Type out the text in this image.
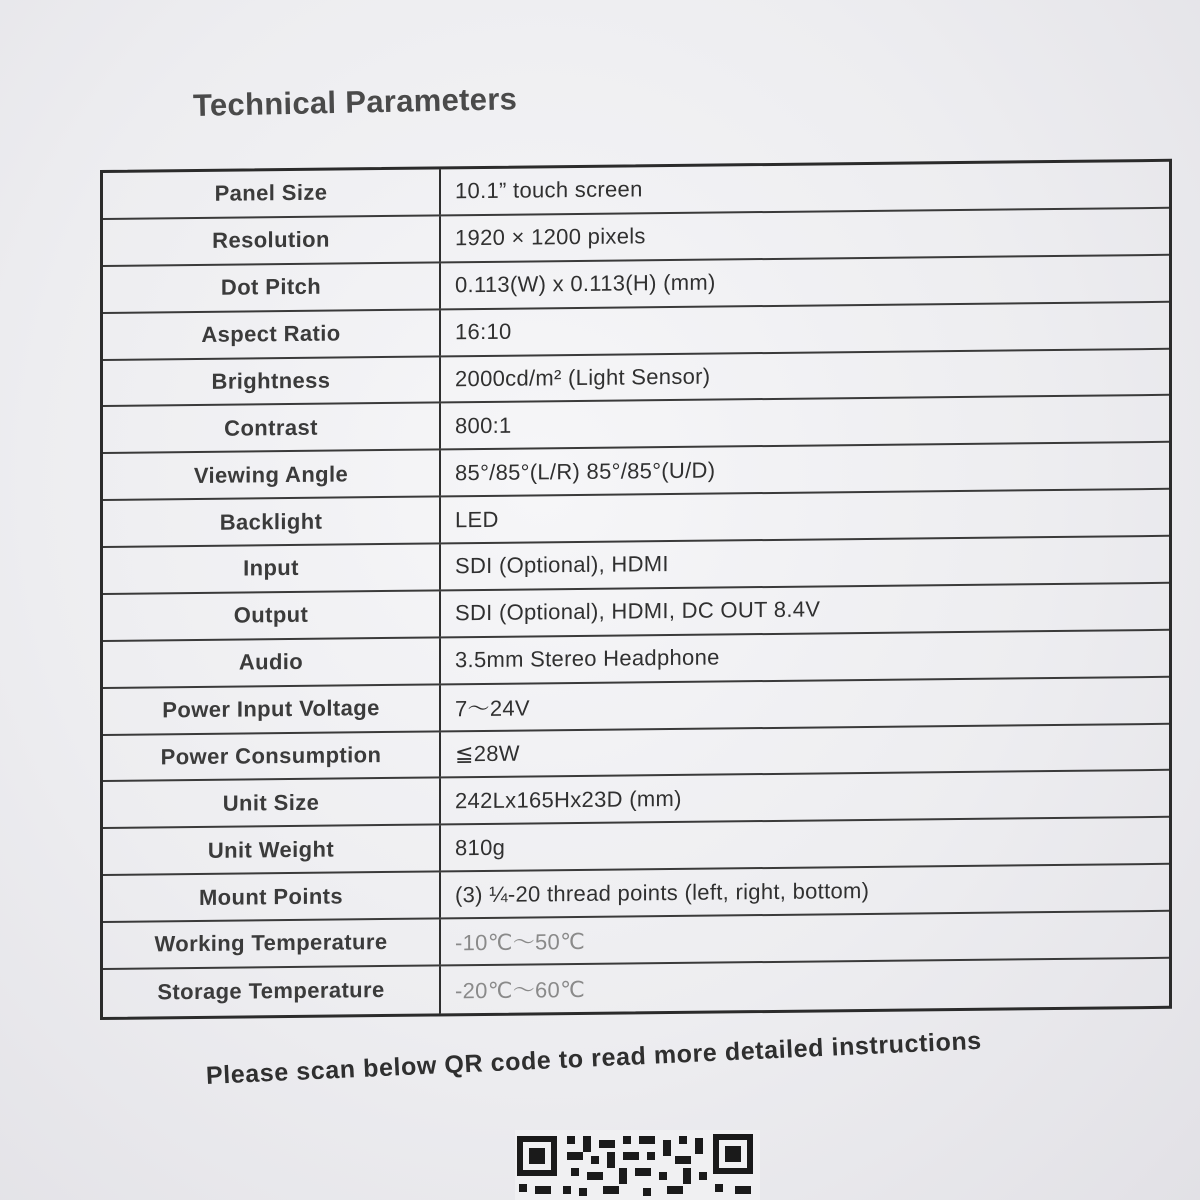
Technical Parameters
Panel Size	10.1” touch screen
Resolution	1920 × 1200 pixels
Dot Pitch	0.113(W) x 0.113(H) (mm)
Aspect Ratio	16:10
Brightness	2000cd/m² (Light Sensor)
Contrast	800:1
Viewing Angle	85°/85°(L/R) 85°/85°(U/D)
Backlight	LED
Input	SDI (Optional), HDMI
Output	SDI (Optional), HDMI, DC OUT 8.4V
Audio	3.5mm Stereo Headphone
Power Input Voltage	7～24V
Power Consumption	≦28W
Unit Size	242Lx165Hx23D (mm)
Unit Weight	810g
Mount Points	(3) ¼-20 thread points (left, right, bottom)
Working Temperature	-10℃～50℃
Storage Temperature	-20℃～60℃
Please scan below QR code to read more detailed instructions
